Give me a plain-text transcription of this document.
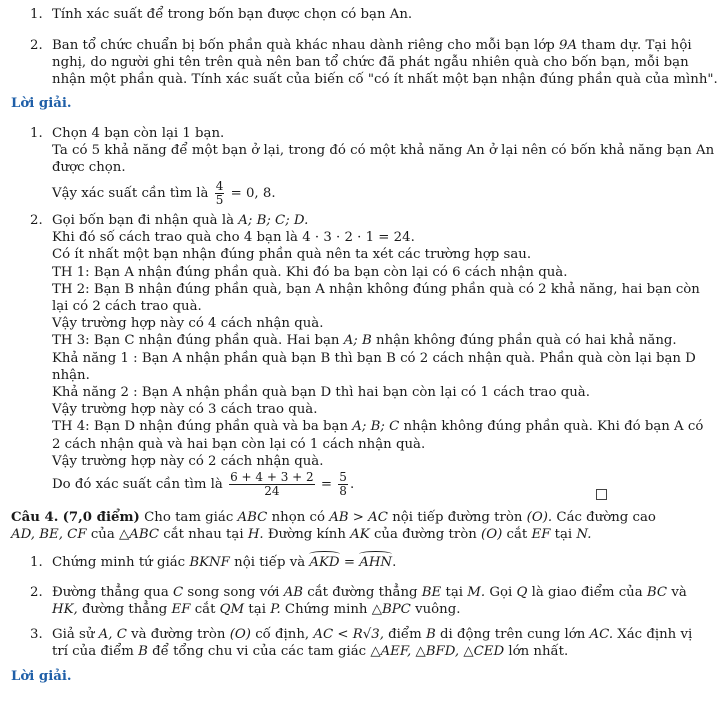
1. Tính xác suất để trong bốn bạn được chọn có bạn An.
2. Ban tổ chức chuẩn bị bốn phần quà khác nhau dành riêng cho mỗi bạn lớp 9A tham dự. Tại hội
nghị, do người ghi tên trên quà nên ban tổ chức đã phát ngẫu nhiên quà cho bốn bạn, mỗi bạn
nhận một phần quà. Tính xác suất của biến cố "có ít nhất một bạn nhận đúng phần quà của mình".
Lời giải.
1. Chọn 4 bạn còn lại 1 bạn.
Ta có 5 khả năng để một bạn ở lại, trong đó có một khả năng An ở lại nên có bốn khả năng bạn An
được chọn.
Vậy xác suất cần tìm là $\frac{4}{5} = 0$, 8.
2. Gọi bốn bạn đi nhận quà là A; B; C; D.
Khi đó số cách trao quà cho 4 bạn là 4 · 3 · 2 · 1 = 24.
Có ít nhất một bạn nhận đúng phần quà nên ta xét các trường hợp sau.
TH 1: Bạn A nhận đúng phần quà. Khi đó ba bạn còn lại có 6 cách nhận quà.
TH 2: Bạn B nhận đúng phần quà, bạn A nhận không đúng phần quà có 2 khả năng, hai bạn còn
lại có 2 cách trao quà.
Vậy trường hợp này có 4 cách nhận quà.
TH 3: Bạn C nhận đúng phần quà. Hai bạn A; B nhận không đúng phần quà có hai khả năng.
Khả năng 1 : Bạn A nhận phần quà bạn B thì bạn B có 2 cách nhận quà. Phần quà còn lại bạn D
nhận.
Khả năng 2 : Bạn A nhận phần quà bạn D thì hai bạn còn lại có 1 cách trao quà.
Vậy trường hợp này có 3 cách trao quà.
TH 4: Bạn D nhận đúng phần quà và ba bạn A; B; C nhận không đúng phần quà. Khi đó bạn A có
2 cách nhận quà và hai bạn còn lại có 1 cách nhận quà.
Vậy trường hợp này có 2 cách nhận quà.
Do đó xác suất cần tìm là $\frac{6 + 4 + 3 + 2}{24} = \frac{5}{8}$ .
Câu 4. (7,0 điểm) Cho tam giác ABC nhọn có AB > AC nội tiếp đường tròn (O). Các đường cao
AD, BE, CF của △ABC cắt nhau tại H. Đường kính AK của đường tròn (O) cắt EF tại N.
1. Chứng minh tứ giác BKNF nội tiếp và AKD = AHN.
2. Đường thẳng qua C song song với AB cắt đường thẳng BE tại M. Gọi Q là giao điểm của BC và
HK, đường thẳng EF cắt QM tại P. Chứng minh △BPC vuông.
3. Giả sử A, C và đường tròn (O) cố định, AC < R√3, điểm B di động trên cung lớn AC. Xác định vị
trí của điểm B để tổng chu vi của các tam giác △AEF, △BFD, △CED lớn nhất.
Lời giải.
